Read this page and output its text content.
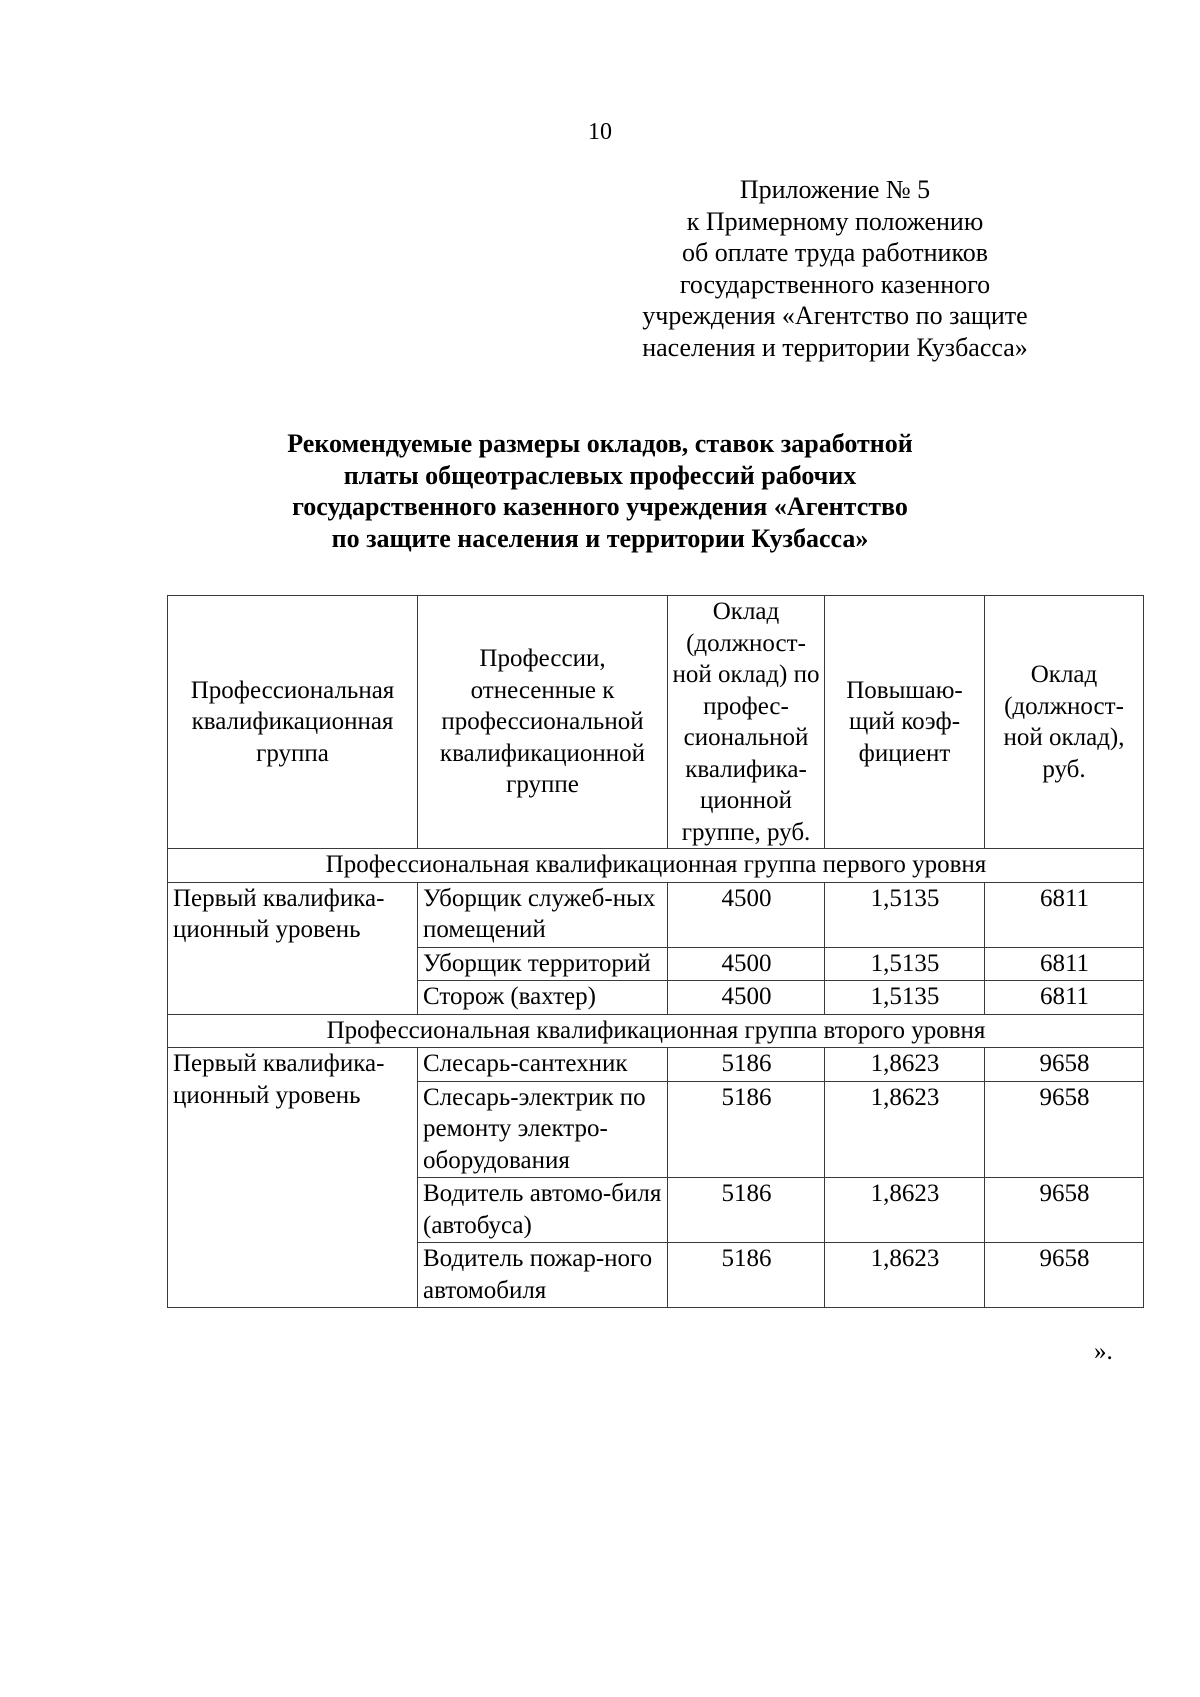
10
Приложение № 5
к Примерному положению
об оплате труда работников
государственного казенного
учреждения «Агентство по защите
населения и территории Кузбасса»
Рекомендуемые размеры окладов, ставок заработной
платы общеотраслевых профессий рабочих
государственного казенного учреждения «Агентство
по защите населения и территории Кузбасса»
Профессиональная квалификационная группа	Профессии, отнесенные к профессиональной квалификационной группе	Оклад (должност-ной оклад) по профес-сиональной квалифика-ционной группе, руб.	Повышаю-щий коэф-фициент	Оклад (должност-ной оклад), руб.
Профессиональная квалификационная группа первого уровня				
Первый квалифика-ционный уровень	Уборщик служеб-ных помещений	4500	1,5135	6811
	Уборщик территорий	4500	1,5135	6811
	Сторож (вахтер)	4500	1,5135	6811
Профессиональная квалификационная группа второго уровня				
Первый квалифика-ционный уровень	Слесарь-сантехник	5186	1,8623	9658
	Слесарь-электрик по ремонту электро-оборудования	5186	1,8623	9658
	Водитель автомо-биля (автобуса)	5186	1,8623	9658
	Водитель пожар-ного автомобиля	5186	1,8623	9658
».
